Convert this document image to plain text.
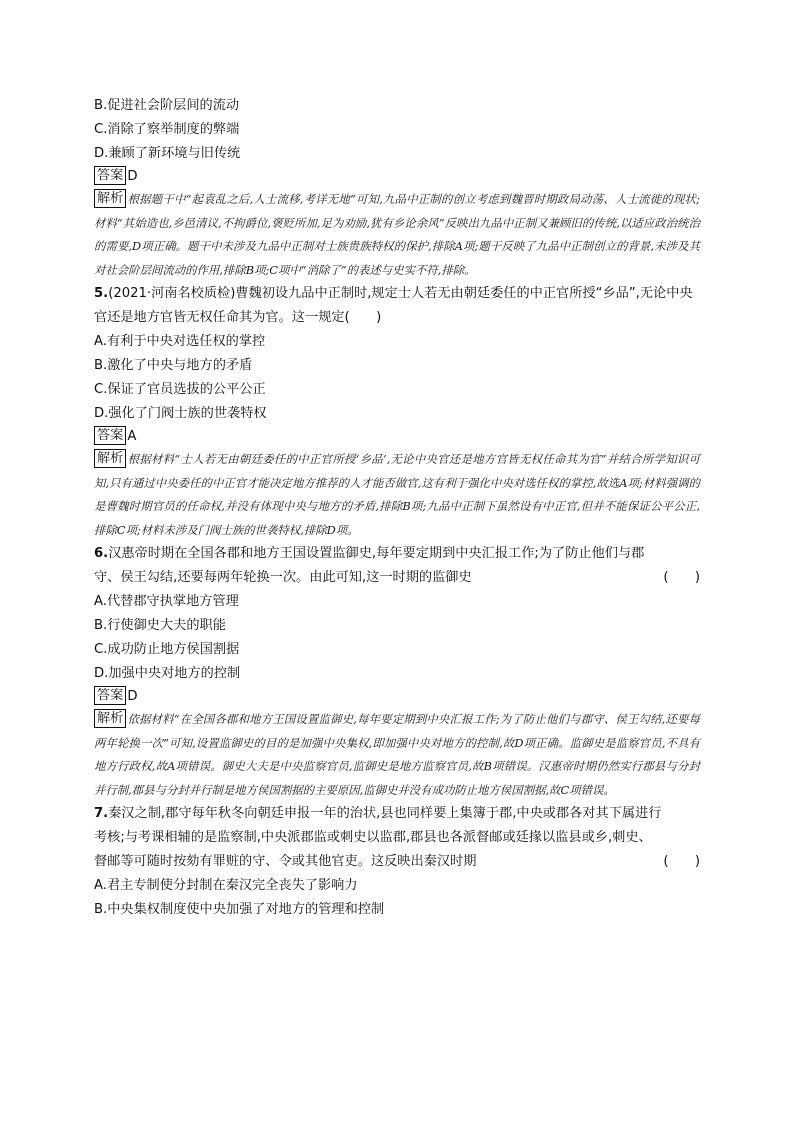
B.促进社会阶层间的流动
C.消除了察举制度的弊端
D.兼顾了新环境与旧传统
答案 D
解析 根据题干中“起袁乱之后,人士流移,考详无地”可知,九品中正制的创立考虑到魏晋时期政局动荡、人士流徙的现状;材料“其始造也,乡邑清议,不拘爵位,褒贬所加,足为劝励,犹有乡论余风”反映出九品中正制又兼顾旧的传统,以适应政治统治的需要,D项正确。题干中未涉及九品中正制对士族贵族特权的保护,排除A项;题干反映了九品中正制创立的背景,未涉及其对社会阶层间流动的作用,排除B项;C项中“消除了”的表述与史实不符,排除。
5.(2021·河南名校质检)曹魏初设九品中正制时,规定士人若无由朝廷委任的中正官所授“乡品”,无论中央官还是地方官皆无权任命其为官。这一规定(　　)
A.有利于中央对选任权的掌控
B.激化了中央与地方的矛盾
C.保证了官员选拔的公平公正
D.强化了门阀士族的世袭特权
答案 A
解析 根据材料“士人若无由朝廷委任的中正官所授‘乡品’,无论中央官还是地方官皆无权任命其为官”并结合所学知识可知,只有通过中央委任的中正官才能决定地方推荐的人才能否做官,这有利于强化中央对选任权的掌控,故选A项;材料强调的是曹魏时期官员的任命权,并没有体现中央与地方的矛盾,排除B项;九品中正制下虽然设有中正官,但并不能保证公平公正,排除C项;材料未涉及门阀士族的世袭特权,排除D项。
6.汉惠帝时期在全国各郡和地方王国设置监御史,每年要定期到中央汇报工作;为了防止他们与郡
守、侯王勾结,还要每两年轮换一次。由此可知,这一时期的监御史	(　　)
A.代替郡守执掌地方管理
B.行使御史大夫的职能
C.成功防止地方侯国割据
D.加强中央对地方的控制
答案 D
解析 依据材料“在全国各郡和地方王国设置监御史,每年要定期到中央汇报工作;为了防止他们与郡守、侯王勾结,还要每两年轮换一次”可知,设置监御史的目的是加强中央集权,即加强中央对地方的控制,故D项正确。监御史是监察官员,不具有地方行政权,故A项错误。御史大夫是中央监察官员,监御史是地方监察官员,故B项错误。汉惠帝时期仍然实行郡县与分封并行制,郡县与分封并行制是地方侯国割据的主要原因,监御史并没有成功防止地方侯国割据,故C项错误。
7.秦汉之制,郡守每年秋冬向朝廷申报一年的治状,县也同样要上集簿于郡,中央或郡各对其下属进行
考核;与考课相辅的是监察制,中央派郡监或刺史以监郡,郡县也各派督邮或廷掾以监县或乡,刺史、
督邮等可随时按劾有罪赃的守、令或其他官吏。这反映出秦汉时期	(　　)
A.君主专制使分封制在秦汉完全丧失了影响力
B.中央集权制度使中央加强了对地方的管理和控制
